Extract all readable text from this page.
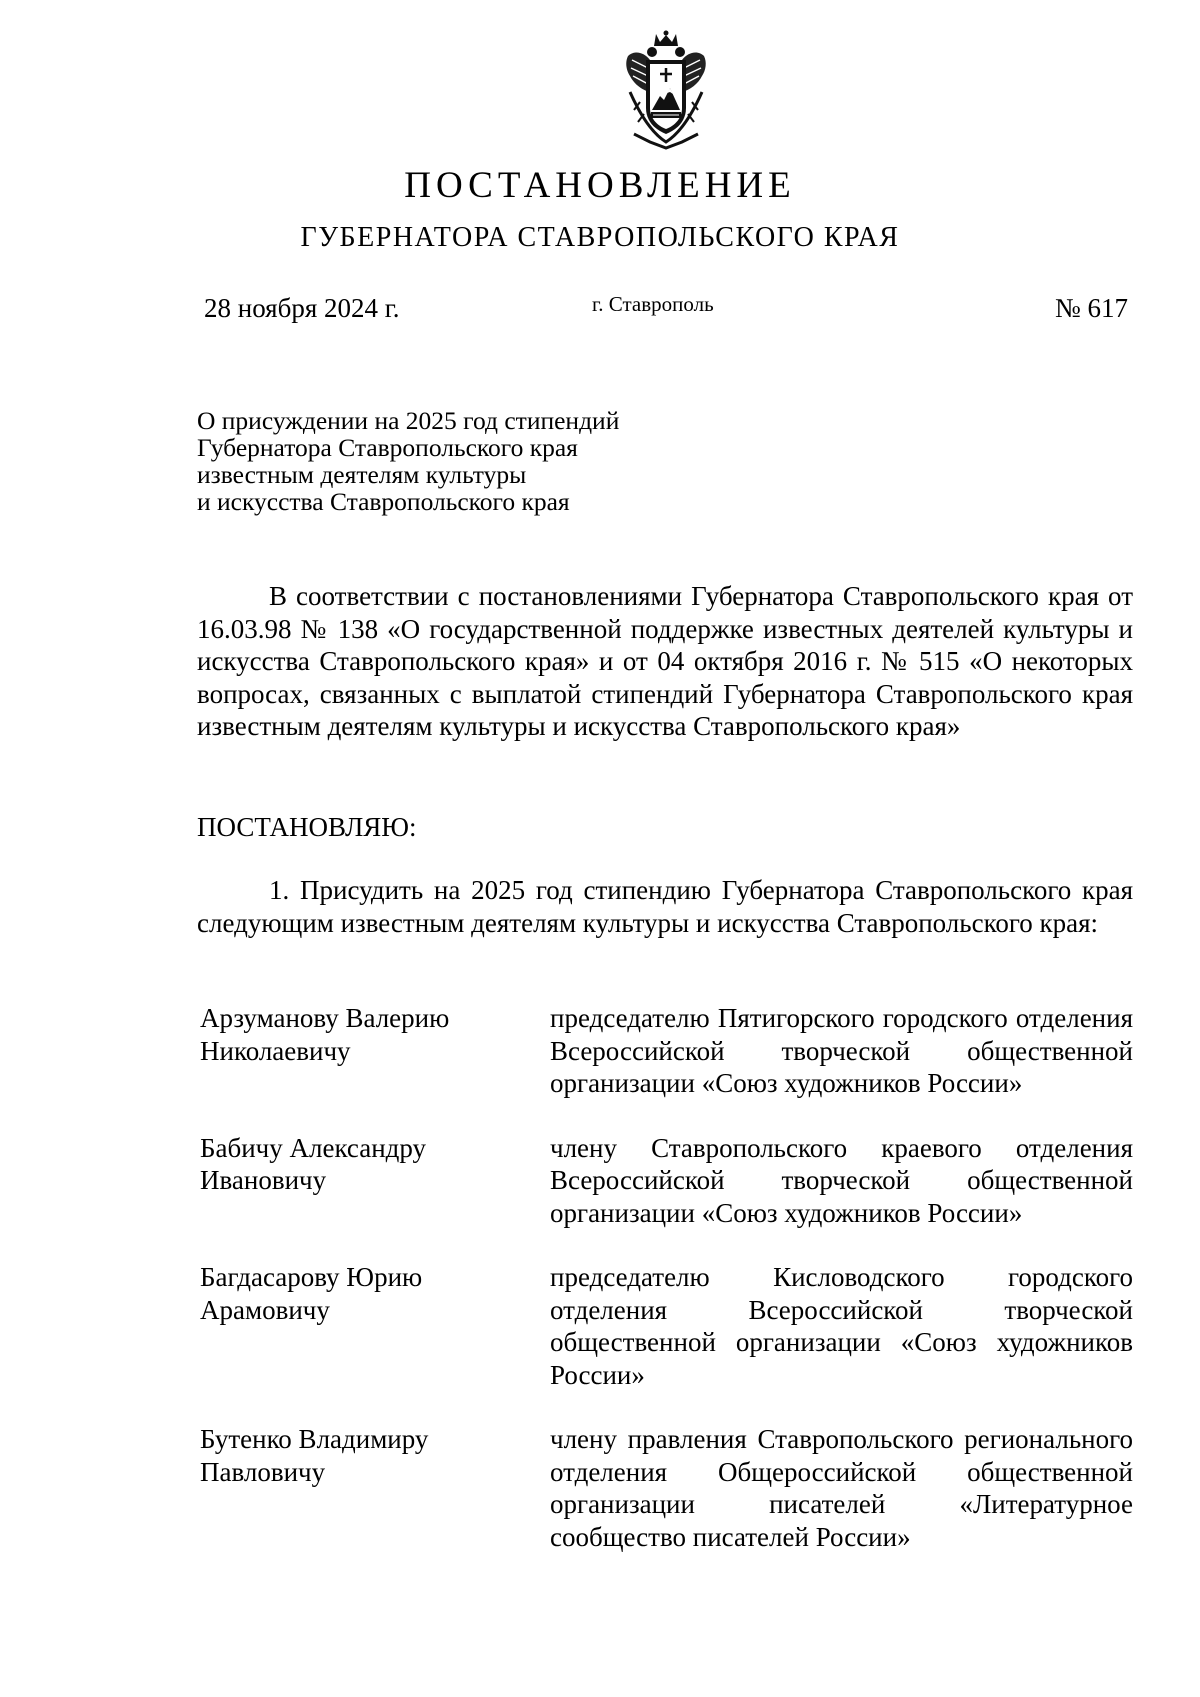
ПОСТАНОВЛЕНИЕ
ГУБЕРНАТОРА СТАВРОПОЛЬСКОГО КРАЯ
28 ноября 2024 г.	г. Ставрополь	№ 617
О присуждении на 2025 год стипендий
Губернатора Ставропольского края
известным деятелям культуры
и искусства Ставропольского края

В соответствии с постановлениями Губернатора Ставропольского края от 16.03.98 № 138 «О государственной поддержке известных деятелей культуры и искусства Ставропольского края» и от 04 октября 2016 г. № 515 «О некоторых вопросах, связанных с выплатой стипендий Губернатора Ставропольского края известным деятелям культуры и искусства Ставропольского края»

ПОСТАНОВЛЯЮ:

1. Присудить на 2025 год стипендию Губернатора Ставропольского края следующим известным деятелям культуры и искусства Ставропольского края:

Арзуманову Валерию Николаевичу
председателю Пятигорского городского отделения Всероссийской творческой общественной организации «Союз художников России»
Бабичу Александру Ивановичу
члену Ставропольского краевого отделения Всероссийской творческой общественной организации «Союз художников России»
Багдасарову Юрию Арамовичу
председателю Кисловодского городского отделения Всероссийской творческой общественной организации «Союз художников России»
Бутенко Владимиру Павловичу
члену правления Ставропольского регионального отделения Общероссийской общественной организации писателей «Литературное сообщество писателей России»
